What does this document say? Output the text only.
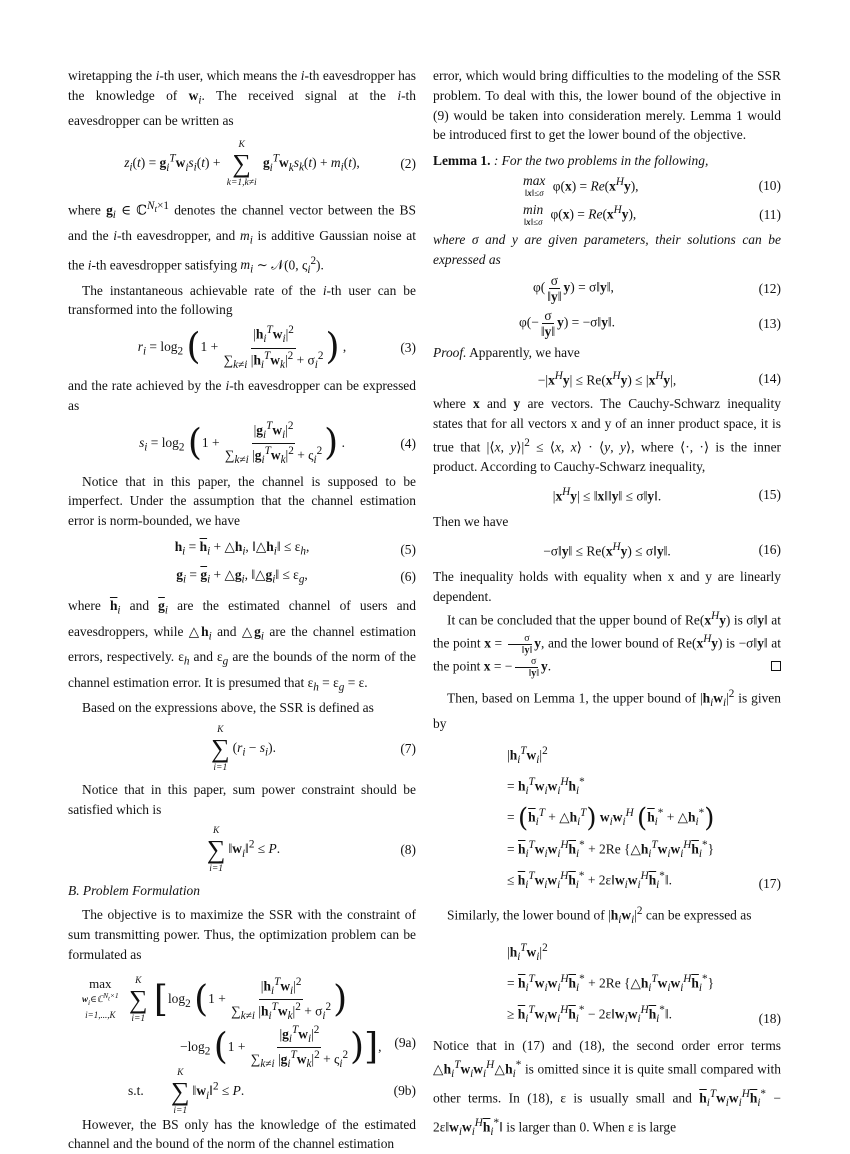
wiretapping the i-th user, which means the i-th eavesdropper has the knowledge of $w_i$. The received signal at the i-th eavesdropper can be written as

$z_i(t) = g_i^Tw_is_i(t)$ +
K
∑
k=1,k≠i
$g_i^Tw_ks_k(t) + m_i(t)$,	(2)

where $g_i$ ∈ ℂ$^{N_t\times 1}$ denotes the channel vector between the BS and the i-th eavesdropper, and $m_i$ is additive Gaussian noise at the i-th eavesdropper satisfying $m_i$ ∼ 𝒩(0, $\varsigma_i^2$).

The instantaneous achievable rate of the i-th user can be transformed into the following

$r_i = \log_2 (1$ +
$|h_i^Tw_i|^2$
$\sum_{k\ne i}$ $|h_i^Tw_k|^2 + \sigma_i^2$ ) ,	(3)

and the rate achieved by the i-th eavesdropper can be expressed as

$s_i = \log_2 (1$ +
$|g_i^Tw_i|^2$
$\sum_{k\ne i}$ $|g_i^Tw_k|^2 + \varsigma_i^2$ ) .	(4)

Notice that in this paper, the channel is supposed to be imperfect. Under the assumption that the channel estimation error is norm-bounded, we have

$h_i = \overline{h}_i$ + $\triangle h_i$, $‖\triangle h_i‖ \le \varepsilon_h$,	(5)
$g_i = \overline{g}_i$ + $\triangle g_i$, $‖\triangle g_i‖ \le \varepsilon_g$,	(6)

where $\overline{h}_i$ and $\overline{g}_i$ are the estimated channel of users and eavesdroppers, while $\triangle h_i$ and $\triangle g_i$ are the channel estimation errors, respectively. $\varepsilon_h$ and $\varepsilon_g$ are the bounds of the norm of the channel estimation error. It is presumed that $\varepsilon_h = \varepsilon_g = \varepsilon$.

Based on the expressions above, the SSR is defined as

K
∑
i=1
$(r_i - s_i)$.	(7)

Notice that in this paper, sum power constraint should be satisfied which is

K
∑
i=1
$‖w_i‖^2 \le P$.	(8)
B. Problem Formulation

The objective is to maximize the SSR with the constraint of sum transmitting power. Thus, the optimization problem can be formulated as

max
$w_i\in ℂ^{N_t\times 1}$
i=1,...,K

K
∑
i=1 [$\log_2$ (1 +
$|h_i^Tw_i|^2$
$\sum_{k\ne i}$ $|h_i^Tw_k|^2 + \sigma_i^2$ )
$-\log_2$ (1 +
$|g_i^Tw_i|^2$
$\sum_{k\ne i}$ $|g_i^Tw_k|^2 + \varsigma_i^2$ )], (9a)
s.t.
K
∑
i=1
$‖w_i‖^2 \le P$.	(9b)

However, the BS only has the knowledge of the estimated channel and the bound of the norm of the channel estimation

error, which would bring difficulties to the modeling of the SSR problem. To deal with this, the lower bound of the objective in (9) would be taken into consideration merely. Lemma 1 would be introduced first to get the lower bound of the objective.

Lemma 1. : For the two problems in the following,

max
‖x‖≤σ $\varphi(x) = Re(x^Hy)$,	(10)
min
‖x‖≤σ $\varphi(x) = Re(x^Hy)$,	(11)

where σ and y are given parameters, their solutions can be expressed as

$\varphi( \frac{\sigma}{‖y‖} y)$ = σ‖y‖,	(12)
$\varphi(- \frac{\sigma}{‖y‖} y)$ = −σ‖y‖.	(13)

Proof. Apparently, we have

$-|x^Hy| \le Re(x^Hy) \le |x^Hy|$,	(14)

where x and y are vectors. The Cauchy-Schwarz inequality states that for all vectors x and y of an inner product space, it is true that |⟨x, $y⟩|^2$ ≤ ⟨x, x⟩ · ⟨y, y⟩, where ⟨·, ·⟩ is the inner product. According to Cauchy-Schwarz inequality,

$|x^Hy|$ ≤ ‖x‖‖y‖ ≤ σ‖y‖.	(15)

Then we have

−σ‖y‖ ≤ $Re(x^Hy)$ ≤ σ‖y‖.	(16)

The inequality holds with equality when x and y are linearly dependent.

It can be concluded that the upper bound of $Re(x^Hy)$ is σ‖y‖ at the point $x = \frac{\sigma}{‖y‖} y$, and the lower bound of $Re(x^Hy)$ is −σ‖y‖ at the point x = − $\frac{\sigma}{‖y‖} y$.

Then, based on Lemma 1, the upper bound of $|h_iw_i|^2$ is given by

$|h_i^Tw_i|^2$
= $h_i^Tw_iw_i^Hh_i^*$
= ($\overline{h}_i^T$ + $\triangle h_i^T$) $w_iw_i^H$ ($\overline{h}_i^*$ + $\triangle h_i^*$)
= $\overline{h}_i^Tw_iw_i^H\overline{h}_i^* + 2Re$ $\{\triangle h_i^Tw_iw_i^H\overline{h}_i^*\}$
≤ $\overline{h}_i^Tw_iw_i^H\overline{h}_i^*$ + $2\varepsilon‖w_iw_i^H\overline{h}_i^*‖$.	(17)

Similarly, the lower bound of $|h_iw_i|^2$ can be expressed as

$|h_i^Tw_i|^2$
= $\overline{h}_i^Tw_iw_i^H\overline{h}_i^* + 2Re$ $\{\triangle h_i^Tw_iw_i^H\overline{h}_i^*\}$
≥ $\overline{h}_i^Tw_iw_i^H\overline{h}_i^*$ − $2\varepsilon‖w_iw_i^H\overline{h}_i^*‖$.	(18)

Notice that in (17) and (18), the second order error terms $\triangle h_i^Tw_iw_i^H\triangle h_i^*$ is omitted since it is quite small compared with other terms. In (18), ε is usually small and $\overline{h}_i^Tw_iw_i^H\overline{h}_i^*$ − $2\varepsilon‖w_iw_i^H\overline{h}_i^*‖$ is larger than 0. When ε is large
